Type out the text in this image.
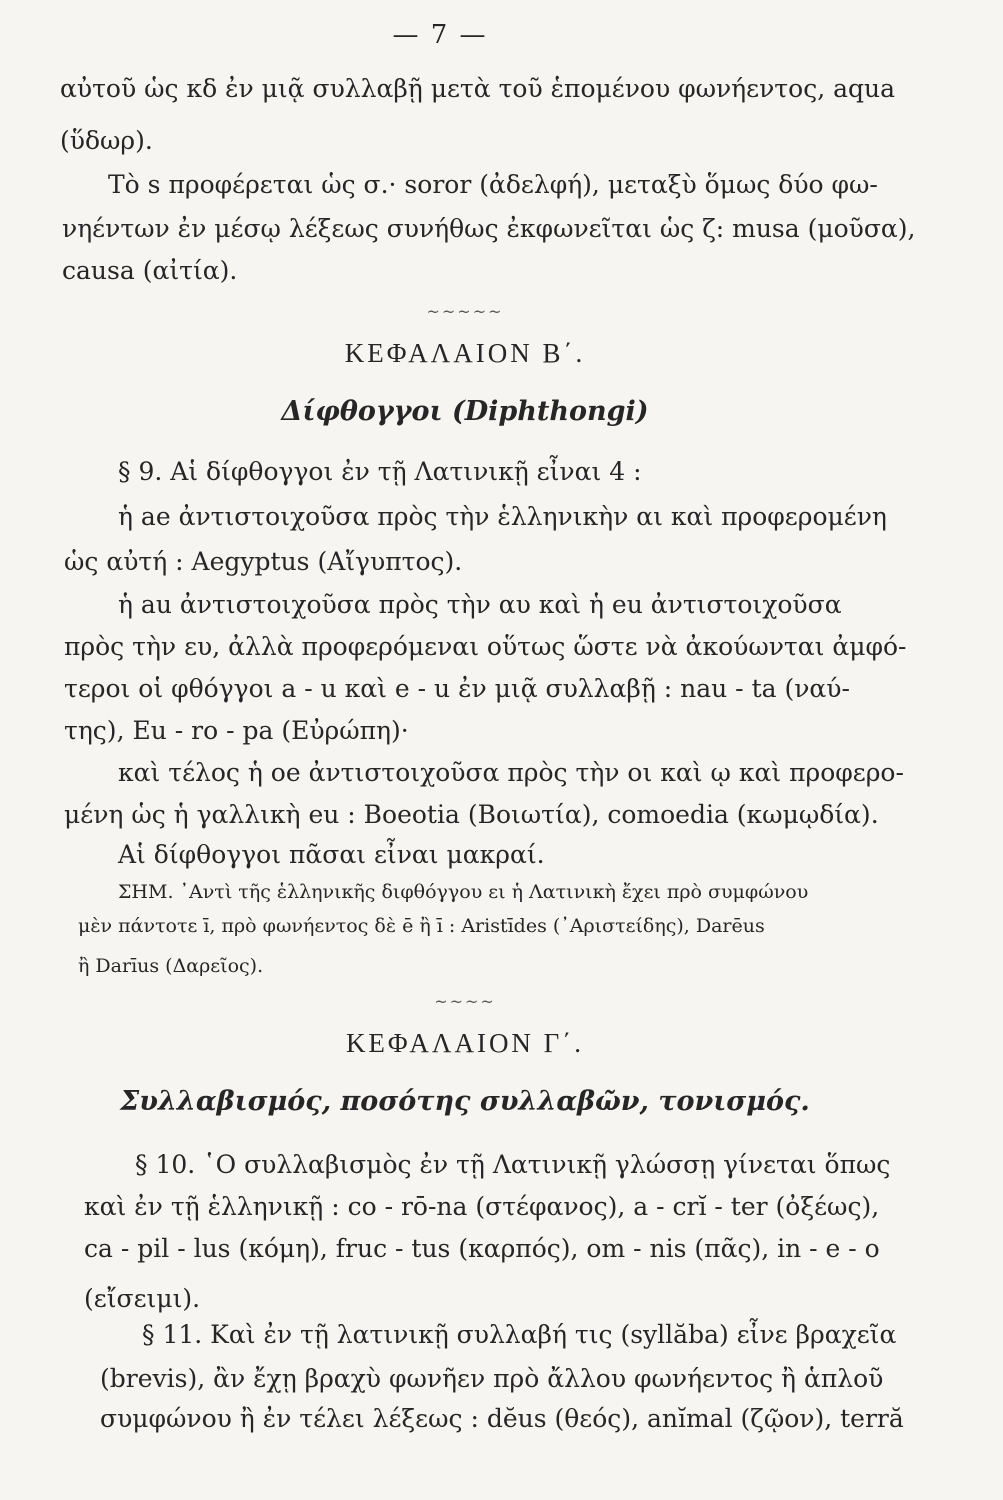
— 7 —
αὐτοῦ ὡς κδ ἐν μιᾷ συλλαβῇ μετὰ τοῦ ἑπομένου φωνήεντος, aqua
(ὕδωρ).
Τὸ s προφέρεται ὡς σ.· soror (ἀδελφή), μεταξὺ ὅμως δύο φω-
νηέντων ἐν μέσῳ λέξεως συνήθως ἐκφωνεῖται ὡς ζ: musa (μοῦσα),
causa (αἰτία).
~~~~~
ΚΕΦΑΛΑΙΟΝ Β΄.
Δίφθογγοι (Diphthongi)
§ 9. Αἱ δίφθογγοι ἐν τῇ Λατινικῇ εἶναι 4 :
ἡ ae ἀντιστοιχοῦσα πρὸς τὴν ἑλληνικὴν αι καὶ προφερομένη
ὡς αὐτή : Aegyptus (Αἴγυπτος).
ἡ au ἀντιστοιχοῦσα πρὸς τὴν αυ καὶ ἡ eu ἀντιστοιχοῦσα
πρὸς τὴν ευ, ἀλλὰ προφερόμεναι οὕτως ὥστε νὰ ἀκούωνται ἀμφό-
τεροι οἱ φθόγγοι a - u καὶ e - u ἐν μιᾷ συλλαβῇ : nau - ta (ναύ-
της), Eu - ro - pa (Εὐρώπη)·
καὶ τέλος ἡ oe ἀντιστοιχοῦσα πρὸς τὴν οι καὶ ῳ καὶ προφερο-
μένη ὡς ἡ γαλλικὴ eu : Boeotia (Βοιωτία), comoedia (κωμῳδία).
Αἱ δίφθογγοι πᾶσαι εἶναι μακραί.
ΣΗΜ. ᾿Αντὶ τῆς ἑλληνικῆς διφθόγγου ει ἡ Λατινικὴ ἔχει πρὸ συμφώνου
μὲν πάντοτε ī, πρὸ φωνήεντος δὲ ē ἢ ī : Aristīdes (᾿Αριστείδης), Darēus
ἢ Darīus (Δαρεῖος).
~~~~
ΚΕΦΑΛΑΙΟΝ Γ΄.
Συλλαβισμός, ποσότης συλλαβῶν, τονισμός.
§ 10. ῾Ο συλλαβισμὸς ἐν τῇ Λατινικῇ γλώσσῃ γίνεται ὅπως
καὶ ἐν τῇ ἑλληνικῇ : co - rō-na (στέφανος), a - crĭ - ter (ὀξέως),
ca - pil - lus (κόμη), fruc - tus (καρπός), om - nis (πᾶς), in - e - o
(εἴσειμι).
§ 11. Καὶ ἐν τῇ λατινικῇ συλλαβή τις (syllăba) εἶνε βραχεῖα
(brevis), ἂν ἔχῃ βραχὺ φωνῆεν πρὸ ἄλλου φωνήεντος ἢ ἁπλοῦ
συμφώνου ἢ ἐν τέλει λέξεως : dĕus (θεός), anĭmal (ζῷον), terră
